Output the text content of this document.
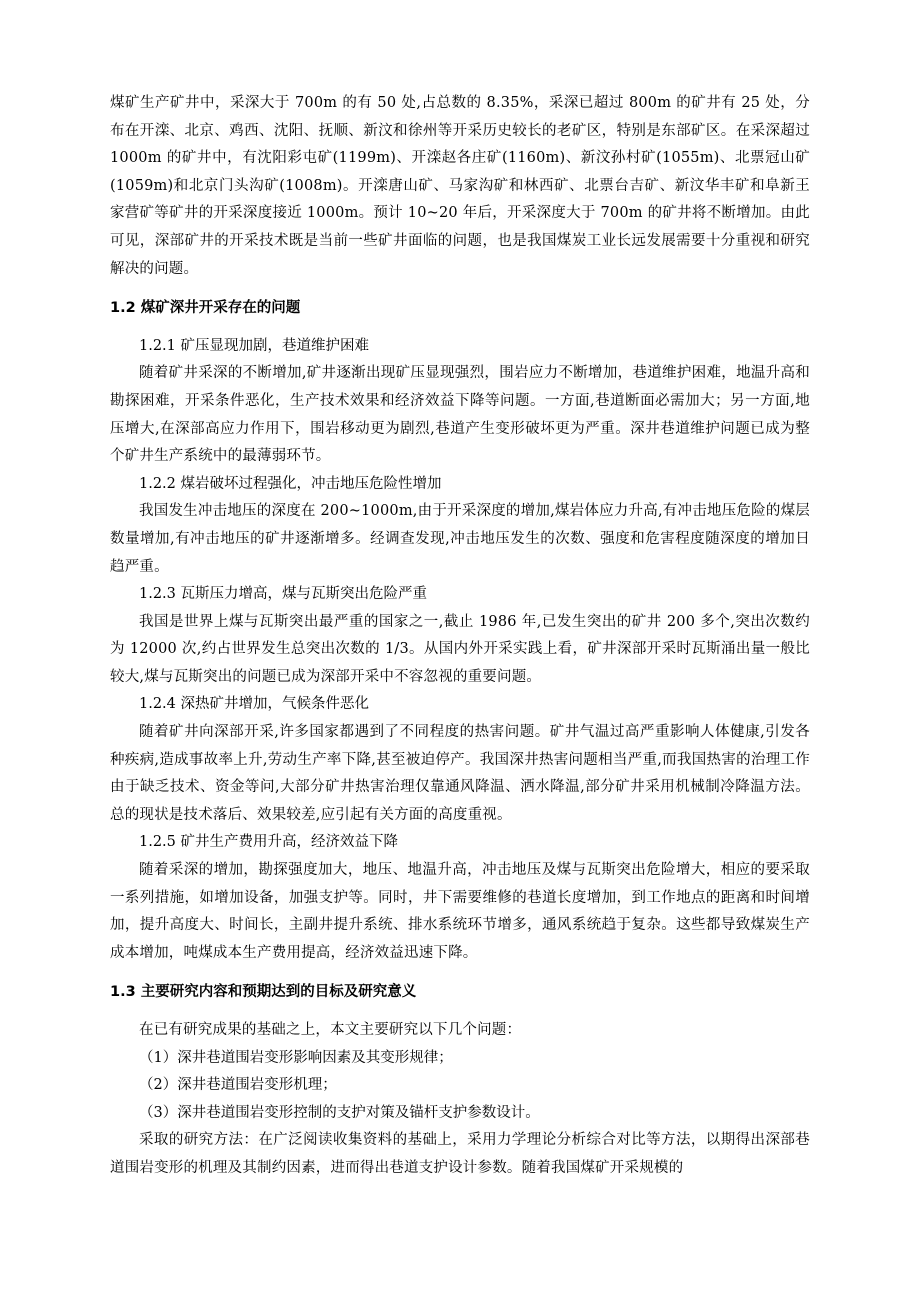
煤矿生产矿井中，采深大于 700m 的有 50 处,占总数的 8.35%，采深已超过 800m 的矿井有 25 处，分布在开滦、北京、鸡西、沈阳、抚顺、新汶和徐州等开采历史较长的老矿区，特别是东部矿区。在采深超过 1000m 的矿井中，有沈阳彩屯矿(1199m)、开滦赵各庄矿(1160m)、新汶孙村矿(1055m)、北票冠山矿(1059m)和北京门头沟矿(1008m)。开滦唐山矿、马家沟矿和林西矿、北票台吉矿、新汶华丰矿和阜新王家营矿等矿井的开采深度接近 1000m。预计 10~20 年后，开采深度大于 700m 的矿井将不断增加。由此可见，深部矿井的开采技术既是当前一些矿井面临的问题，也是我国煤炭工业长远发展需要十分重视和研究解决的问题。

1.2 煤矿深井开采存在的问题

1.2.1 矿压显现加剧，巷道维护困难

随着矿井采深的不断增加,矿井逐渐出现矿压显现强烈，围岩应力不断增加，巷道维护困难，地温升高和勘探困难，开采条件恶化，生产技术效果和经济效益下降等问题。一方面,巷道断面必需加大；另一方面,地压增大,在深部高应力作用下，围岩移动更为剧烈,巷道产生变形破坏更为严重。深井巷道维护问题已成为整个矿井生产系统中的最薄弱环节。

1.2.2 煤岩破坏过程强化，冲击地压危险性增加

我国发生冲击地压的深度在 200~1000m,由于开采深度的增加,煤岩体应力升高,有冲击地压危险的煤层数量增加,有冲击地压的矿井逐渐增多。经调查发现,冲击地压发生的次数、强度和危害程度随深度的增加日趋严重。

1.2.3 瓦斯压力增高，煤与瓦斯突出危险严重

我国是世界上煤与瓦斯突出最严重的国家之一,截止 1986 年,已发生突出的矿井 200 多个,突出次数约为 12000 次,约占世界发生总突出次数的 1/3。从国内外开采实践上看，矿井深部开采时瓦斯涌出量一般比较大,煤与瓦斯突出的问题已成为深部开采中不容忽视的重要问题。

1.2.4 深热矿井增加，气候条件恶化

随着矿井向深部开采,许多国家都遇到了不同程度的热害问题。矿井气温过高严重影响人体健康,引发各种疾病,造成事故率上升,劳动生产率下降,甚至被迫停产。我国深井热害问题相当严重,而我国热害的治理工作由于缺乏技术、资金等问,大部分矿井热害治理仅靠通风降温、洒水降温,部分矿井采用机械制冷降温方法。总的现状是技术落后、效果较差,应引起有关方面的高度重视。

1.2.5 矿井生产费用升高，经济效益下降

随着采深的增加，勘探强度加大，地压、地温升高，冲击地压及煤与瓦斯突出危险增大，相应的要采取一系列措施，如增加设备，加强支护等。同时，井下需要维修的巷道长度增加，到工作地点的距离和时间增加，提升高度大、时间长，主副井提升系统、排水系统环节增多，通风系统趋于复杂。这些都导致煤炭生产成本增加，吨煤成本生产费用提高，经济效益迅速下降。

1.3 主要研究内容和预期达到的目标及研究意义

在已有研究成果的基础之上，本文主要研究以下几个问题：

（1）深井巷道围岩变形影响因素及其变形规律；

（2）深井巷道围岩变形机理；

（3）深井巷道围岩变形控制的支护对策及锚杆支护参数设计。

采取的研究方法：在广泛阅读收集资料的基础上，采用力学理论分析综合对比等方法，以期得出深部巷道围岩变形的机理及其制约因素，进而得出巷道支护设计参数。随着我国煤矿开采规模的
